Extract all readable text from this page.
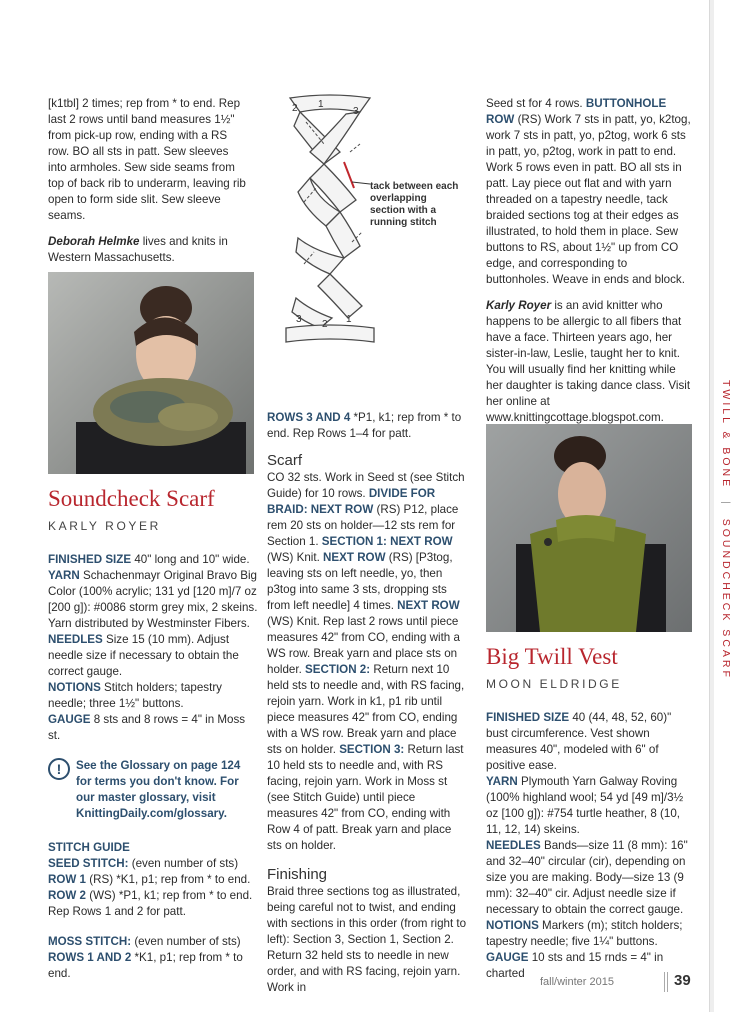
TWILL & BONE | SOUNDCHECK SCARF

[k1tbl] 2 times; rep from * to end. Rep last 2 rows until band measures 1½" from pick-up row, ending with a RS row. BO all sts in patt. Sew sleeves into armholes. Sew side seams from top of back rib to underarm, leaving rib open to form side slit. Sew sleeve seams.

Deborah Helmke lives and knits in Western Massachusetts.

Soundcheck Scarf
KARLY ROYER

FINISHED SIZE 40" long and 10" wide.

YARN Schachenmayr Original Bravo Big Color (100% acrylic; 131 yd [120 m]/7 oz [200 g]): #0086 storm grey mix, 2 skeins. Yarn distributed by Westminster Fibers.

NEEDLES Size 15 (10 mm). Adjust needle size if necessary to obtain the correct gauge.

NOTIONS Stitch holders; tapestry needle; three 1½" buttons.

GAUGE 8 sts and 8 rows = 4" in Moss st.

!	See the Glossary on page 124 for terms you don't know. For our master glossary, visit KnittingDaily.com/glossary.

STITCH GUIDE

SEED STITCH: (even number of sts)

ROW 1 (RS) *K1, p1; rep from * to end.

ROW 2 (WS) *P1, k1; rep from * to end.

Rep Rows 1 and 2 for patt.

MOSS STITCH: (even number of sts)

ROWS 1 AND 2 *K1, p1; rep from * to end.

2 1
3
3 2 1
tack between each overlapping section with a running stitch

ROWS 3 AND 4 *P1, k1; rep from * to end. Rep Rows 1–4 for patt.

Scarf

CO 32 sts. Work in Seed st (see Stitch Guide) for 10 rows. DIVIDE FOR BRAID: NEXT ROW (RS) P12, place rem 20 sts on holder—12 sts rem for Section 1. SECTION 1: NEXT ROW (WS) Knit. NEXT ROW (RS) [P3tog, leaving sts on left needle, yo, then p3tog into same 3 sts, dropping sts from left needle] 4 times. NEXT ROW (WS) Knit. Rep last 2 rows until piece measures 42" from CO, ending with a WS row. Break yarn and place sts on holder. SECTION 2: Return next 10 held sts to needle and, with RS facing, rejoin yarn. Work in k1, p1 rib until piece measures 42" from CO, ending with a WS row. Break yarn and place sts on holder. SECTION 3: Return last 10 held sts to needle and, with RS facing, rejoin yarn. Work in Moss st (see Stitch Guide) until piece measures 42" from CO, ending with Row 4 of patt. Break yarn and place sts on holder.

Finishing

Braid three sections tog as illustrated, being careful not to twist, and ending with sections in this order (from right to left): Section 3, Section 1, Section 2. Return 32 held sts to needle in new order, and with RS facing, rejoin yarn. Work in

Seed st for 4 rows. BUTTONHOLE ROW (RS) Work 7 sts in patt, yo, k2tog, work 7 sts in patt, yo, p2tog, work 6 sts in patt, yo, p2tog, work in patt to end. Work 5 rows even in patt. BO all sts in patt. Lay piece out flat and with yarn threaded on a tapestry needle, tack braided sections tog at their edges as illustrated, to hold them in place. Sew buttons to RS, about 1½" up from CO edge, and corresponding to buttonholes. Weave in ends and block.

Karly Royer is an avid knitter who happens to be allergic to all fibers that have a face. Thirteen years ago, her sister-in-law, Leslie, taught her to knit. You will usually find her knitting while her daughter is taking dance class. Visit her online at www.knittingcottage.blogspot.com.

Big Twill Vest
MOON ELDRIDGE

FINISHED SIZE 40 (44, 48, 52, 60)" bust circumference. Vest shown measures 40", modeled with 6" of positive ease.

YARN Plymouth Yarn Galway Roving (100% highland wool; 54 yd [49 m]/3½ oz [100 g]): #754 turtle heather, 8 (10, 11, 12, 14) skeins.

NEEDLES Bands—size 11 (8 mm): 16" and 32–40" circular (cir), depending on size you are making. Body—size 13 (9 mm): 32–40" cir. Adjust needle size if necessary to obtain the correct gauge.

NOTIONS Markers (m); stitch holders; tapestry needle; five 1¼" buttons.

GAUGE 10 sts and 15 rnds = 4" in charted

fall/winter 2015	39
